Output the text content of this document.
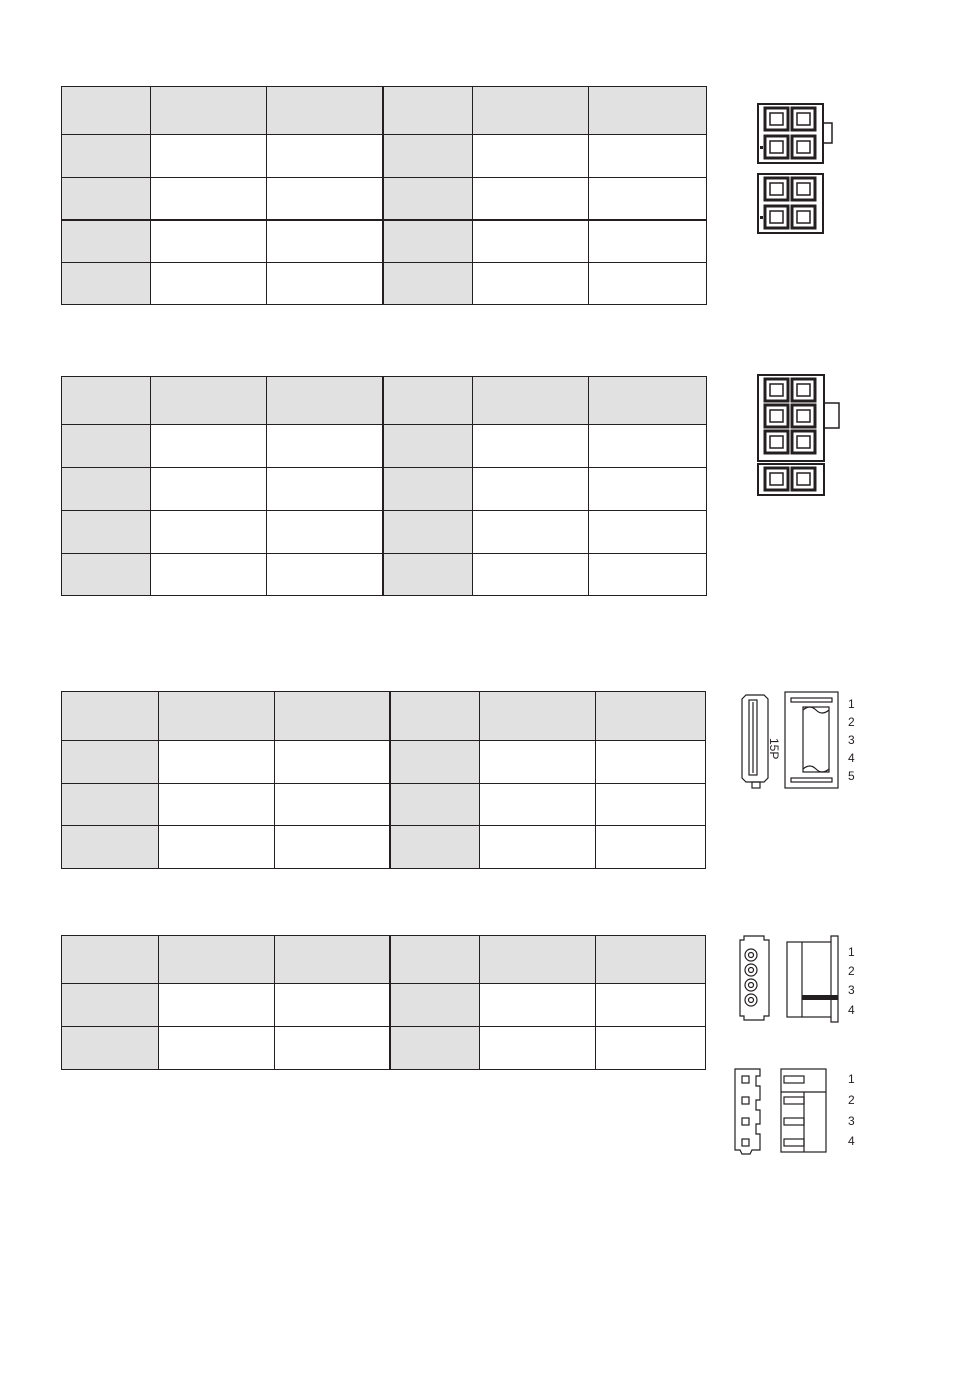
15P
1
2
3
4
5
1
2
3
4
1
2
3
4
